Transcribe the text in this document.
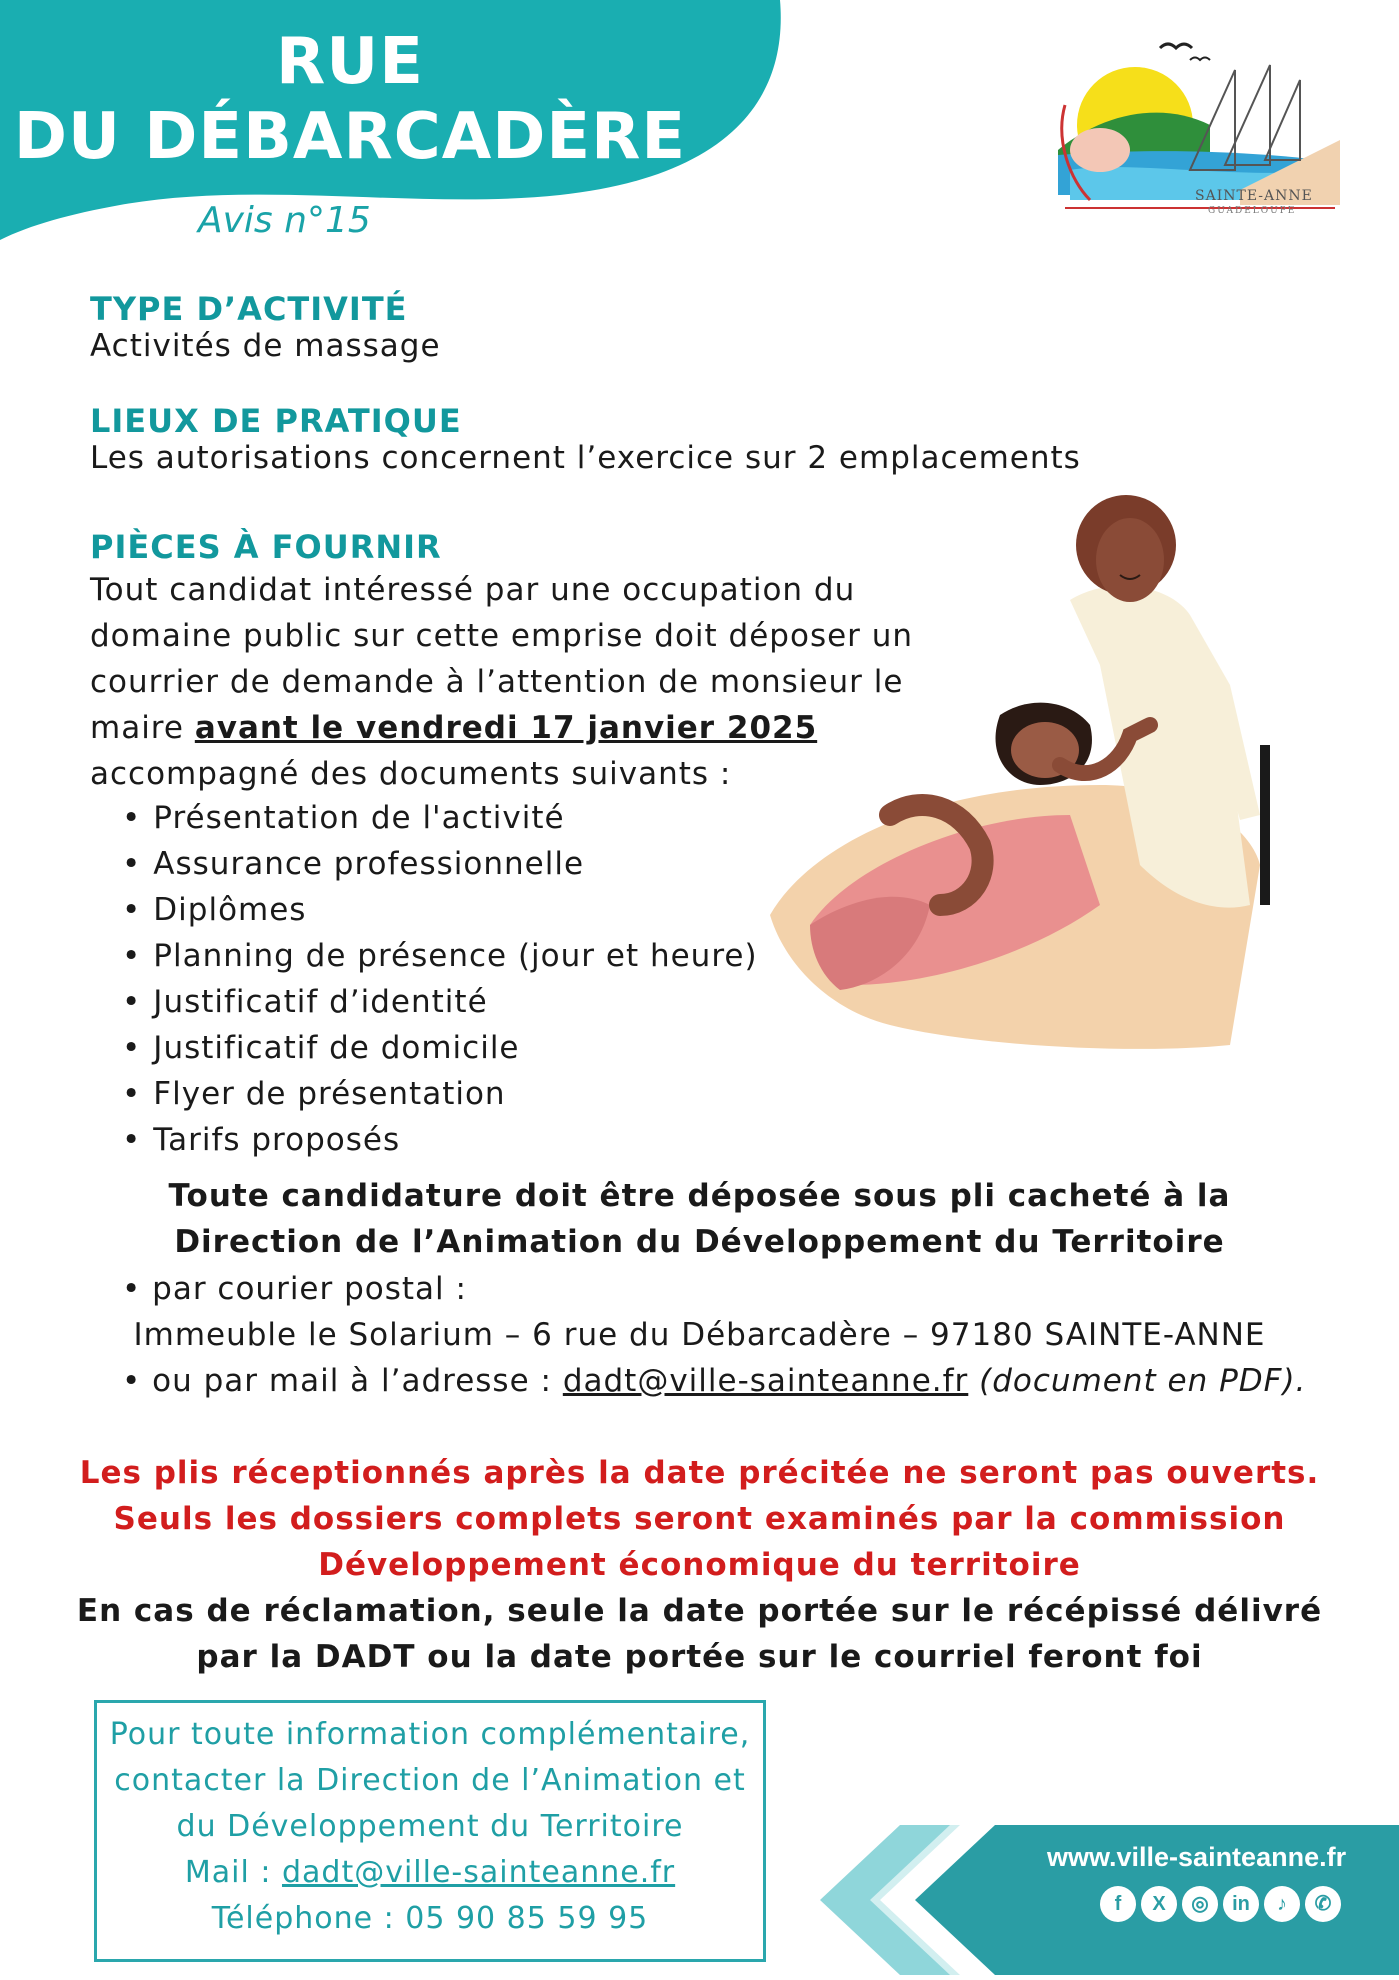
RUE
DU DÉBARCADÈRE
Avis n°15
SAINTE-ANNE
GUADELOUPE
TYPE D’ACTIVITÉ
Activités de massage
LIEUX DE PRATIQUE
Les autorisations concernent l’exercice sur 2 emplacements
PIÈCES À FOURNIR
Tout candidat intéressé par une occupation du
domaine public sur cette emprise doit déposer un
courrier de demande à l’attention de monsieur le
maire avant le vendredi 17 janvier 2025
accompagné des documents suivants :
• Présentation de l'activité
• Assurance professionnelle
• Diplômes
• Planning de présence (jour et heure)
• Justificatif d’identité
• Justificatif de domicile
• Flyer de présentation
• Tarifs proposés
Toute candidature doit être déposée sous pli cacheté à la
Direction de l’Animation du Développement du Territoire
• par courier postal :
Immeuble le Solarium – 6 rue du Débarcadère – 97180 SAINTE-ANNE
• ou par mail à l’adresse : dadt@ville-sainteanne.fr (document en PDF).
Les plis réceptionnés après la date précitée ne seront pas ouverts.
Seuls les dossiers complets seront examinés par la commission
Développement économique du territoire
En cas de réclamation, seule la date portée sur le récépissé délivré
par la DADT ou la date portée sur le courriel feront foi
Pour toute information complémentaire,
contacter la Direction de l’Animation et
du Développement du Territoire
Mail : dadt@ville-sainteanne.fr
Téléphone : 05 90 85 59 95
www.ville-sainteanne.fr
f	X	◎	in	♪	✆
